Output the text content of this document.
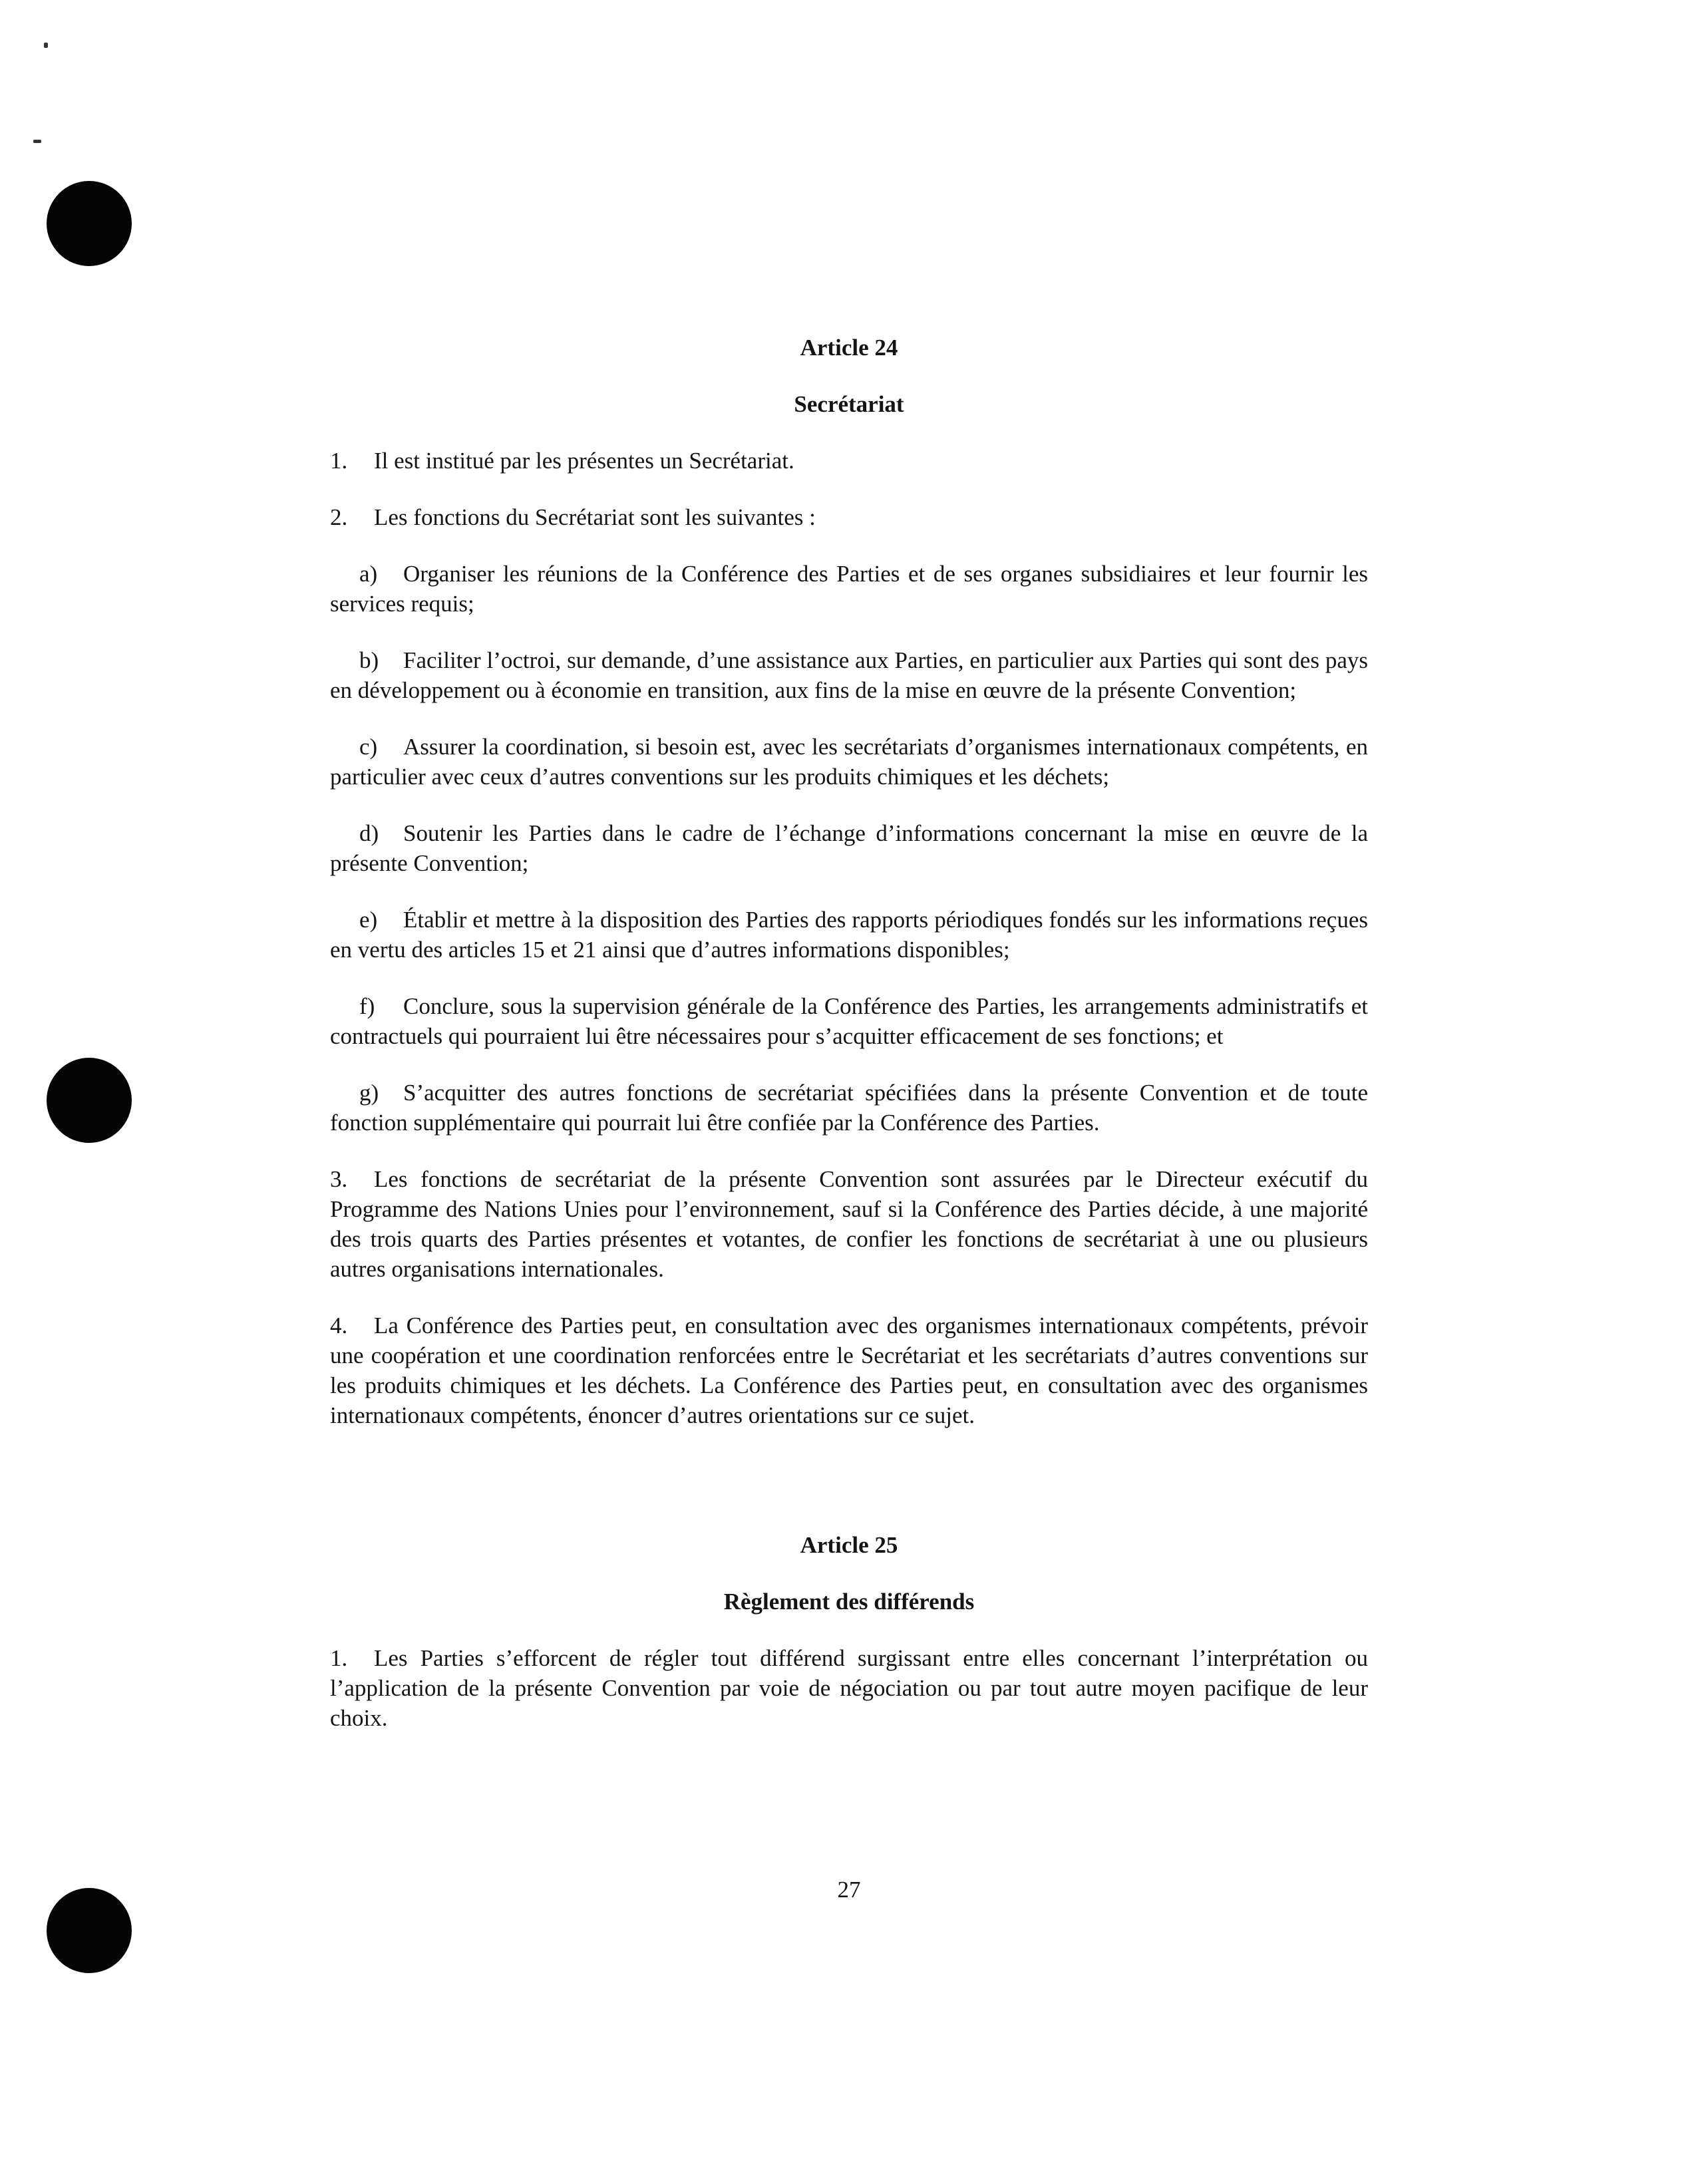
Article 24
Secrétariat
1. Il est institué par les présentes un Secrétariat.
2. Les fonctions du Secrétariat sont les suivantes :
a) Organiser les réunions de la Conférence des Parties et de ses organes subsidiaires et leur fournir les services requis;
b) Faciliter l’octroi, sur demande, d’une assistance aux Parties, en particulier aux Parties qui sont des pays en développement ou à économie en transition, aux fins de la mise en œuvre de la présente Convention;
c) Assurer la coordination, si besoin est, avec les secrétariats d’organismes internationaux compétents, en particulier avec ceux d’autres conventions sur les produits chimiques et les déchets;
d) Soutenir les Parties dans le cadre de l’échange d’informations concernant la mise en œuvre de la présente Convention;
e) Établir et mettre à la disposition des Parties des rapports périodiques fondés sur les informations reçues en vertu des articles 15 et 21 ainsi que d’autres informations disponibles;
f) Conclure, sous la supervision générale de la Conférence des Parties, les arrangements administratifs et contractuels qui pourraient lui être nécessaires pour s’acquitter efficacement de ses fonctions; et
g) S’acquitter des autres fonctions de secrétariat spécifiées dans la présente Convention et de toute fonction supplémentaire qui pourrait lui être confiée par la Conférence des Parties.
3. Les fonctions de secrétariat de la présente Convention sont assurées par le Directeur exécutif du Programme des Nations Unies pour l’environnement, sauf si la Conférence des Parties décide, à une majorité des trois quarts des Parties présentes et votantes, de confier les fonctions de secrétariat à une ou plusieurs autres organisations internationales.
4. La Conférence des Parties peut, en consultation avec des organismes internationaux compétents, prévoir une coopération et une coordination renforcées entre le Secrétariat et les secrétariats d’autres conventions sur les produits chimiques et les déchets. La Conférence des Parties peut, en consultation avec des organismes internationaux compétents, énoncer d’autres orientations sur ce sujet.
Article 25
Règlement des différends
1. Les Parties s’efforcent de régler tout différend surgissant entre elles concernant l’interprétation ou l’application de la présente Convention par voie de négociation ou par tout autre moyen pacifique de leur choix.
27
